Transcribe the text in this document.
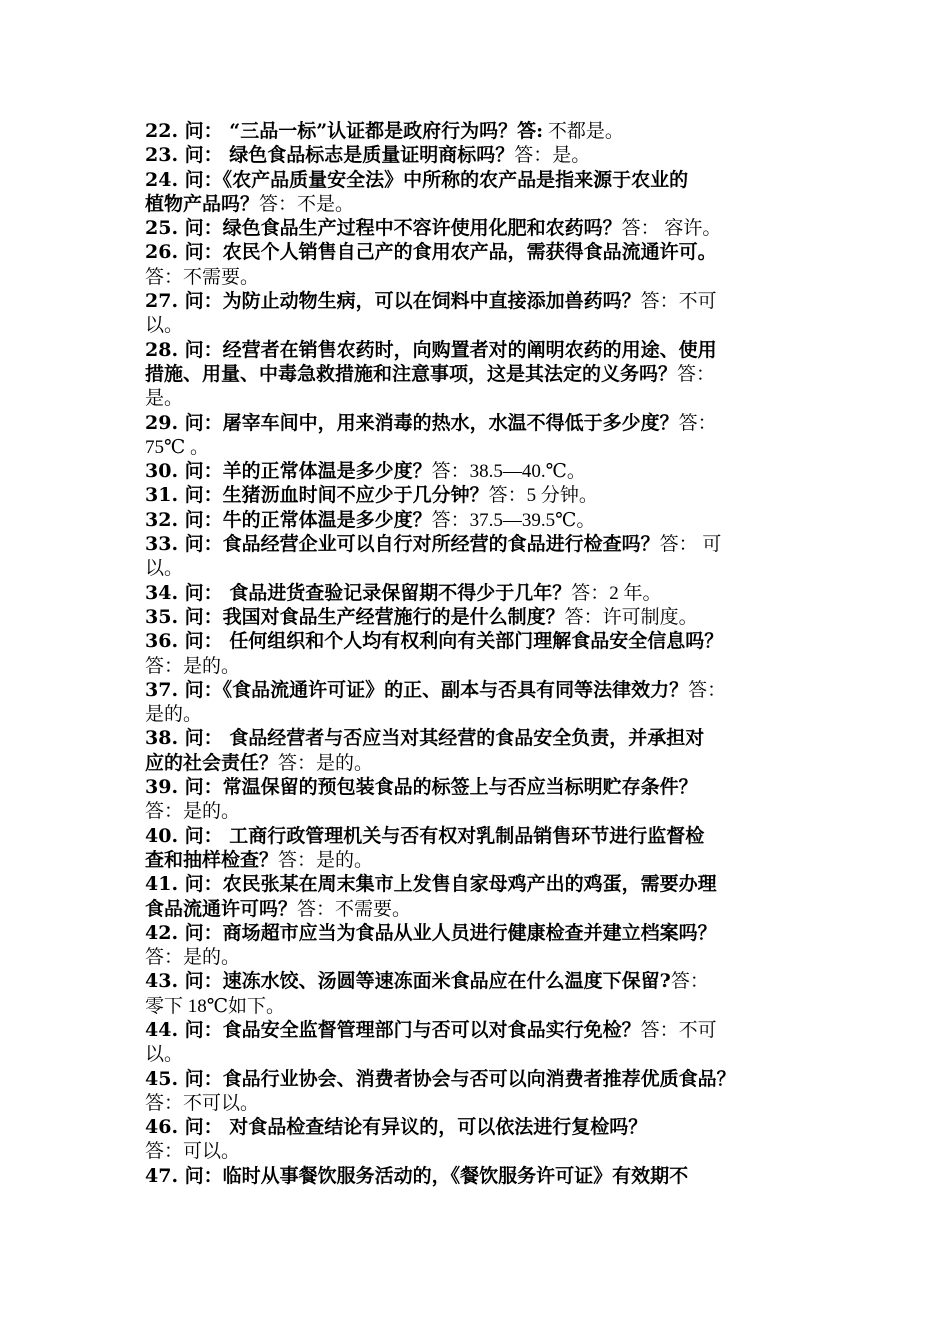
22. 问： “三品一标”认证都是政府行为吗？答: 不都是。
23. 问： 绿色食品标志是质量证明商标吗？答：是。
24. 问：《农产品质量安全法》中所称的农产品是指来源于农业的
植物产品吗？答：不是。
25. 问：绿色食品生产过程中不容许使用化肥和农药吗？答： 容许。
26. 问：农民个人销售自己产的食用农产品，需获得食品流通许可。
答：不需要。
27. 问：为防止动物生病，可以在饲料中直接添加兽药吗？答：不可
以。
28. 问：经营者在销售农药时，向购置者对的阐明农药的用途、使用
措施、用量、中毒急救措施和注意事项，这是其法定的义务吗？答：
是。
29. 问：屠宰车间中，用来消毒的热水，水温不得低于多少度？答：
75℃ 。
30. 问：羊的正常体温是多少度？答：38.5—40.℃。
31. 问：生猪沥血时间不应少于几分钟？答：5 分钟。
32. 问：牛的正常体温是多少度？答：37.5—39.5℃。
33. 问：食品经营企业可以自行对所经营的食品进行检查吗？答： 可
以。
34. 问： 食品进货查验记录保留期不得少于几年？答：2 年。
35. 问：我国对食品生产经营施行的是什么制度？答：许可制度。
36. 问： 任何组织和个人均有权利向有关部门理解食品安全信息吗？
答：是的。
37. 问：《食品流通许可证》的正、副本与否具有同等法律效力？答：
是的。
38. 问： 食品经营者与否应当对其经营的食品安全负责，并承担对
应的社会责任？答：是的。
39. 问：常温保留的预包装食品的标签上与否应当标明贮存条件？
答：是的。
40. 问： 工商行政管理机关与否有权对乳制品销售环节进行监督检
查和抽样检查？答：是的。
41. 问：农民张某在周末集市上发售自家母鸡产出的鸡蛋，需要办理
食品流通许可吗？答：不需要。
42. 问：商场超市应当为食品从业人员进行健康检查并建立档案吗？
答：是的。
43. 问：速冻水饺、汤圆等速冻面米食品应在什么温度下保留?答：
零下 18℃如下。
44. 问：食品安全监督管理部门与否可以对食品实行免检？答：不可
以。
45. 问：食品行业协会、消费者协会与否可以向消费者推荐优质食品？
答：不可以。
46. 问： 对食品检查结论有异议的，可以依法进行复检吗？
答：可以。
47. 问：临时从事餐饮服务活动的，《餐饮服务许可证》有效期不
